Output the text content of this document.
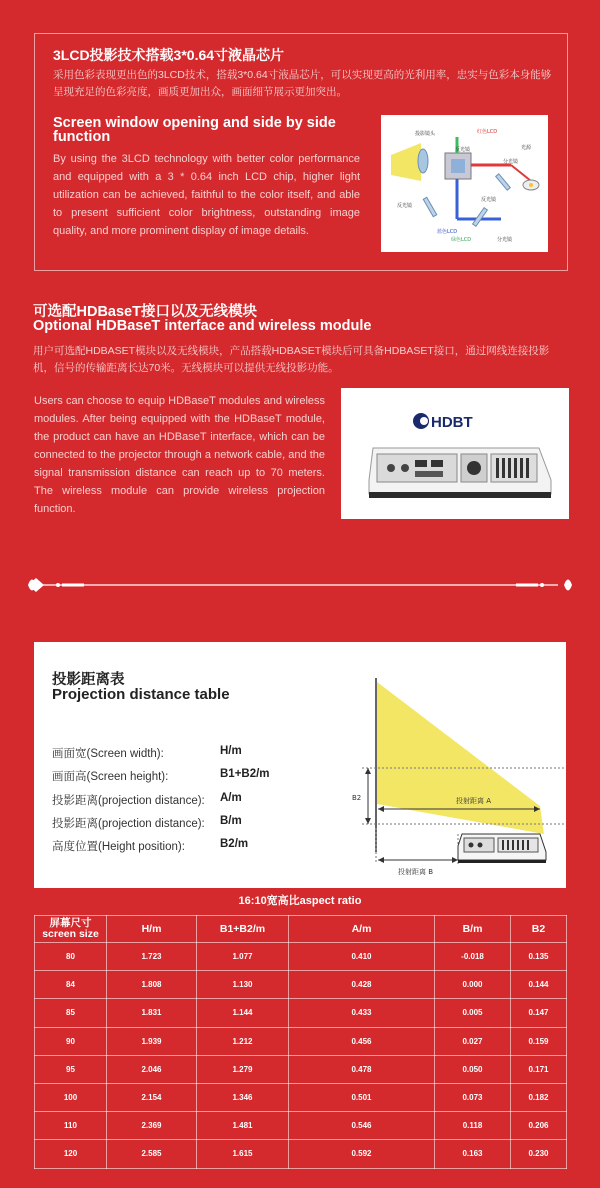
3LCD投影技术搭载3*0.64寸液晶芯片
采用色彩表现更出色的3LCD技术，搭载3*0.64寸液晶芯片，可以实现更高的光利用率，忠实与色彩本身能够呈现充足的色彩亮度，画质更加出众，画面细节展示更加突出。
Screen window opening and side by side function
By using the 3LCD technology with better color performance and equipped with a 3 * 0.64 inch LCD chip, higher light utilization can be achieved, faithful to the color itself, and able to present sufficient color brightness, outstanding image quality, and more prominent display of image details.
投影镜头	红色LCD
蓝色LCD
绿色LCD
反光镜
反光镜
反光镜
光源
分光镜
分光镜
可选配HDBaseT接口以及无线模块
Optional HDBaseT interface and wireless module
用户可选配HDBASET模块以及无线模块，产品搭载HDBASET模块后可具备HDBASET接口，通过网线连接投影机，信号的传输距离长达70米。无线模块可以提供无线投影功能。
Users can choose to equip HDBaseT modules and wireless modules. After being equipped with the HDBaseT module, the product can have an HDBaseT interface, which can be connected to the projector through a network cable, and the signal transmission distance can reach up to 70 meters. The wireless module can provide wireless projection function.
HDBT
投影距离表
Projection distance table
画面宽(Screen width):	H/m
画面高(Screen height):	B1+B2/m
投影距离(projection distance): A/m
投影距离(projection distance): B/m
高度位置(Height position):	B2/m
B2	投射距离 A
投射距离 B
16:10宽高比aspect ratio
屏幕尺寸
screen size	H/m	B1+B2/m	A/m	B/m	B2
80	1.723	1.077	0.410	-0.018	0.135
84	1.808	1.130	0.428	0.000	0.144
85	1.831	1.144	0.433	0.005	0.147
90	1.939	1.212	0.456	0.027	0.159
95	2.046	1.279	0.478	0.050	0.171
100	2.154	1.346	0.501	0.073	0.182
110	2.369	1.481	0.546	0.118	0.206
120	2.585	1.615	0.592	0.163	0.230
